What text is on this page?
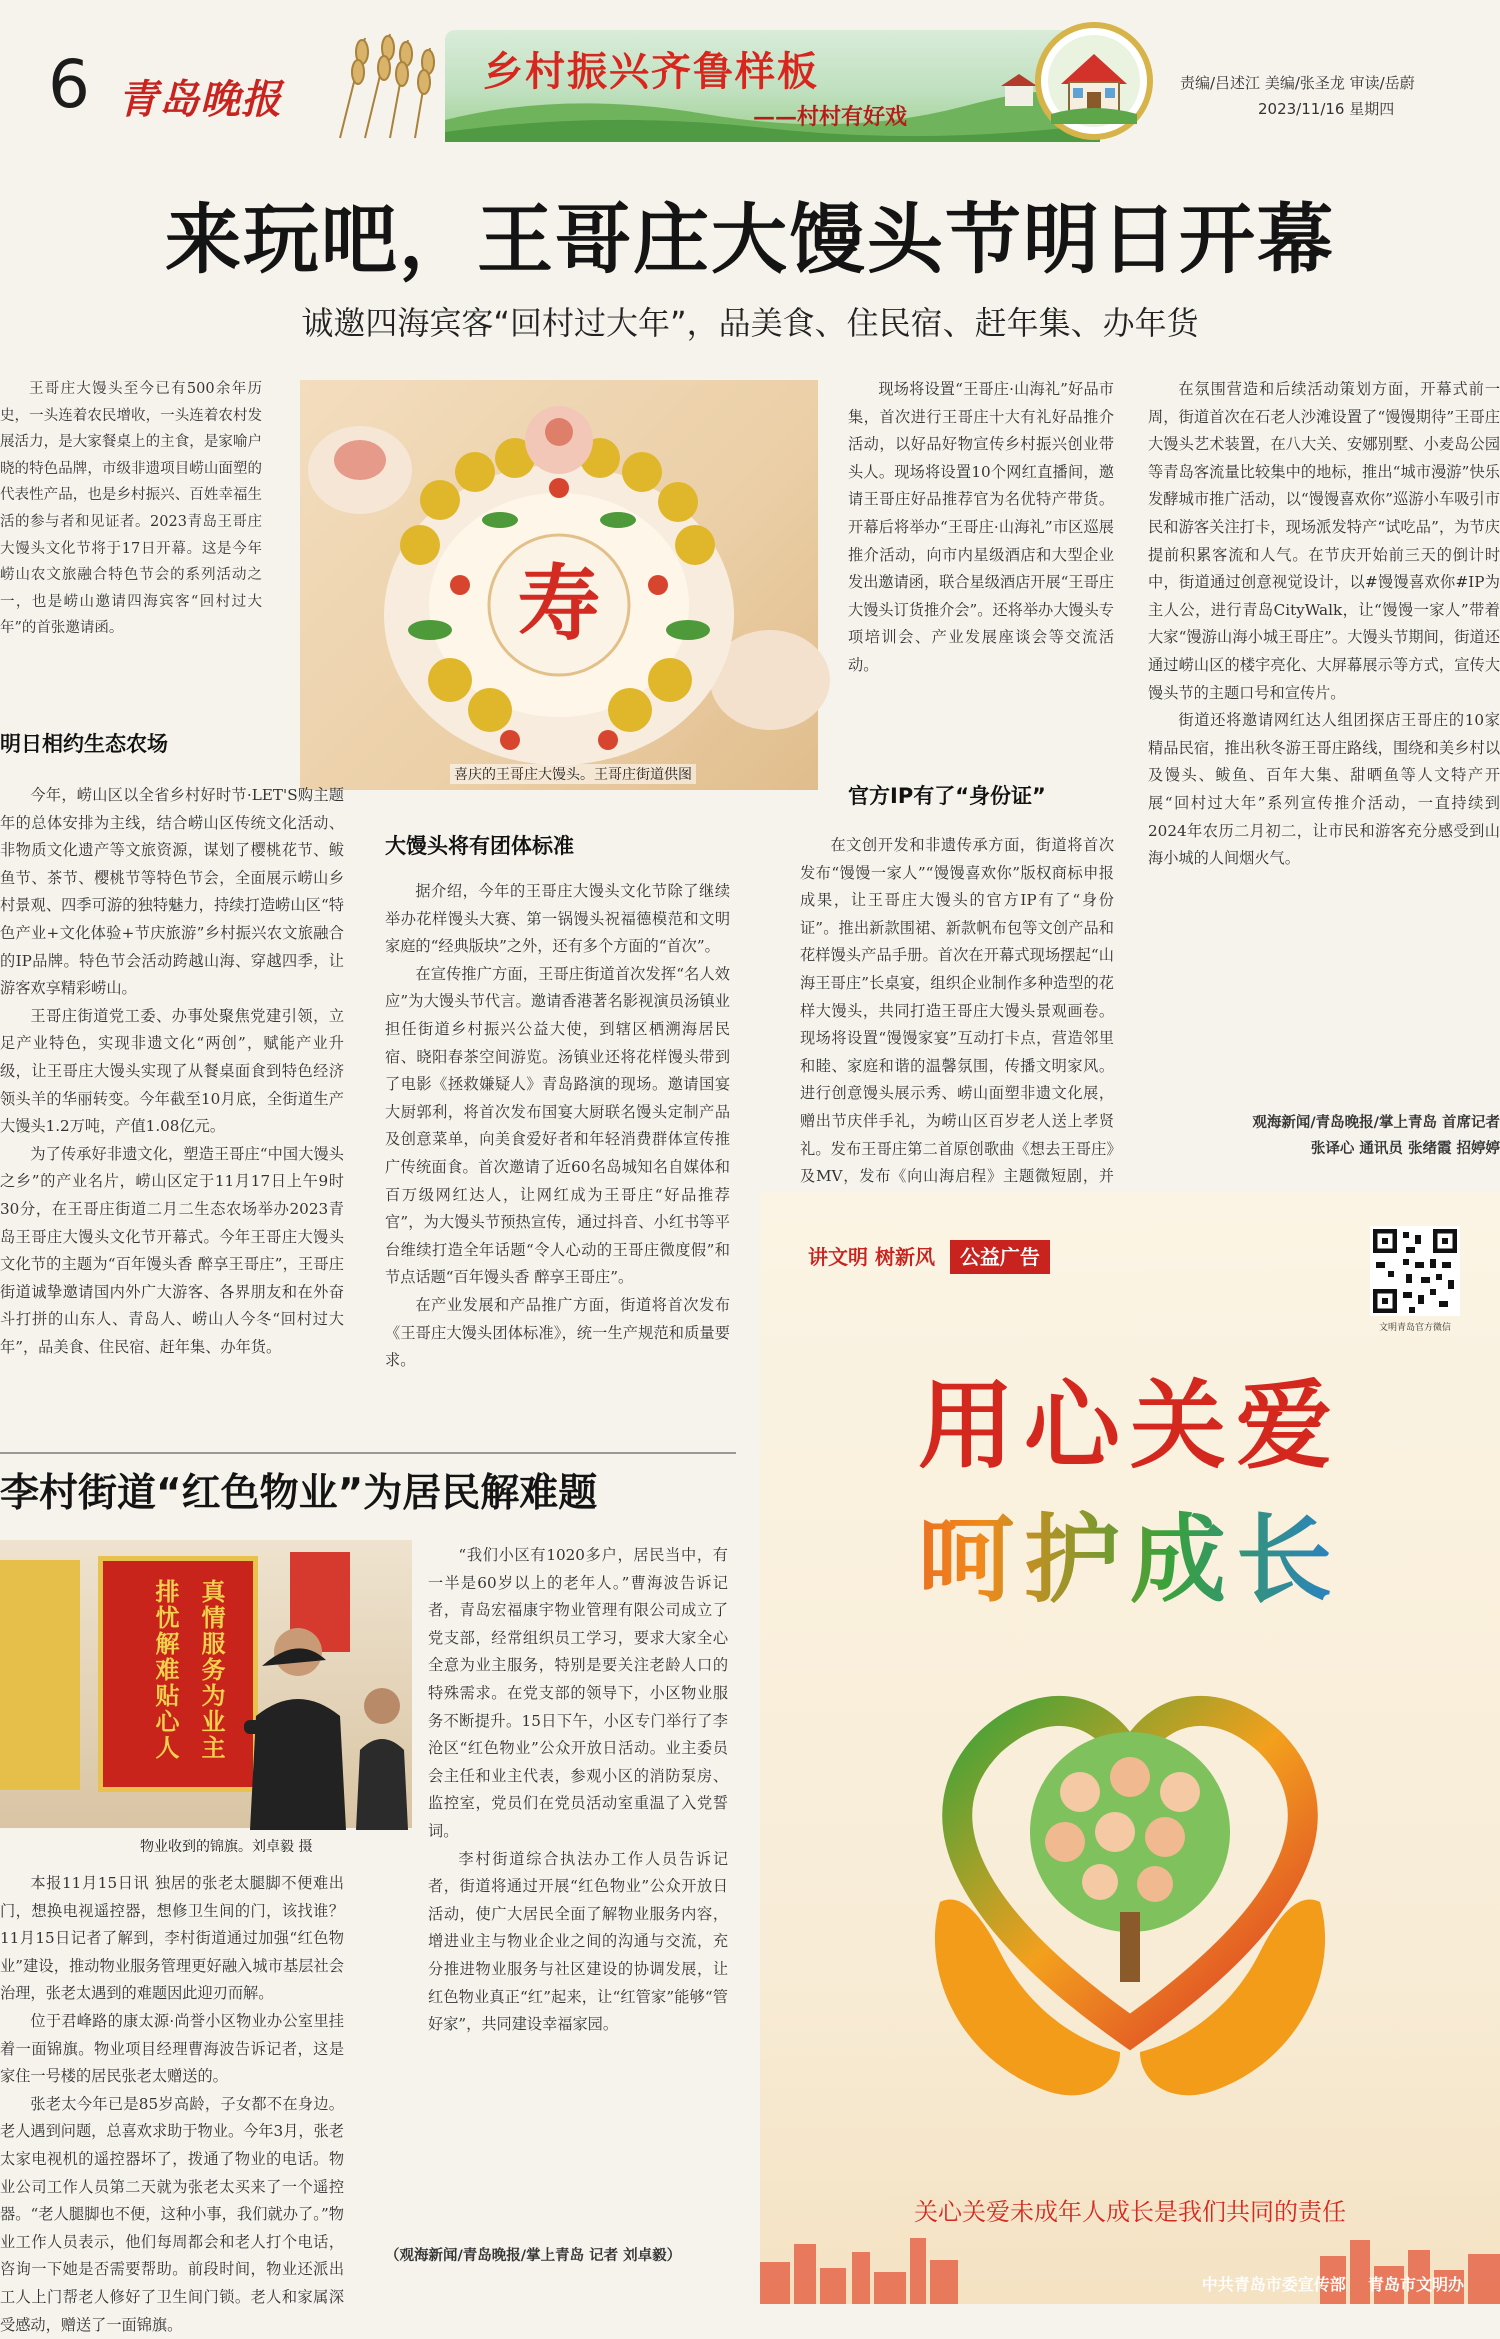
6 青岛晚报
乡村振兴齐鲁样板
——村村有好戏
责编/吕述江 美编/张圣龙 审读/岳蔚
2023/11/16 星期四
来玩吧，王哥庄大馒头节明日开幕
诚邀四海宾客“回村过大年”，品美食、住民宿、赶年集、办年货

王哥庄大馒头至今已有500余年历史，一头连着农民增收，一头连着农村发展活力，是大家餐桌上的主食，是家喻户晓的特色品牌，市级非遗项目崂山面塑的代表性产品，也是乡村振兴、百姓幸福生活的参与者和见证者。2023青岛王哥庄大馒头文化节将于17日开幕。这是今年崂山农文旅融合特色节会的系列活动之一，也是崂山邀请四海宾客“回村过大年”的首张邀请函。	寿
喜庆的王哥庄大馒头。王哥庄街道供图
明日相约生态农场

今年，崂山区以全省乡村好时节·LET'S购主题年的总体安排为主线，结合崂山区传统文化活动、非物质文化遗产等文旅资源，谋划了樱桃花节、鲅鱼节、茶节、樱桃节等特色节会，全面展示崂山乡村景观、四季可游的独特魅力，持续打造崂山区“特色产业+文化体验+节庆旅游”乡村振兴农文旅融合的IP品牌。特色节会活动跨越山海、穿越四季，让游客欢享精彩崂山。

王哥庄街道党工委、办事处聚焦党建引领，立足产业特色，实现非遗文化“两创”，赋能产业升级，让王哥庄大馒头实现了从餐桌面食到特色经济领头羊的华丽转变。今年截至10月底，全街道生产大馒头1.2万吨，产值1.08亿元。

为了传承好非遗文化，塑造王哥庄“中国大馒头之乡”的产业名片，崂山区定于11月17日上午9时30分，在王哥庄街道二月二生态农场举办2023青岛王哥庄大馒头文化节开幕式。今年王哥庄大馒头文化节的主题为“百年馒头香 醉享王哥庄”，王哥庄街道诚挚邀请国内外广大游客、各界朋友和在外奋斗打拼的山东人、青岛人、崂山人今冬“回村过大年”，品美食、住民宿、赶年集、办年货。

大馒头将有团体标准

据介绍，今年的王哥庄大馒头文化节除了继续举办花样馒头大赛、第一锅馒头祝福德模范和文明家庭的“经典版块”之外，还有多个方面的“首次”。

在宣传推广方面，王哥庄街道首次发挥“名人效应”为大馒头节代言。邀请香港著名影视演员汤镇业担任街道乡村振兴公益大使，到辖区栖溯海居民宿、晓阳春茶空间游览。汤镇业还将花样馒头带到了电影《拯救嫌疑人》青岛路演的现场。邀请国宴大厨郭利，将首次发布国宴大厨联名馒头定制产品及创意菜单，向美食爱好者和年轻消费群体宣传推广传统面食。首次邀请了近60名岛城知名自媒体和百万级网红达人，让网红成为王哥庄“好品推荐官”，为大馒头节预热宣传，通过抖音、小红书等平台维续打造全年话题“令人心动的王哥庄微度假”和节点话题“百年馒头香 醉享王哥庄”。

在产业发展和产品推广方面，街道将首次发布《王哥庄大馒头团体标准》，统一生产规范和质量要求。

现场将设置“王哥庄·山海礼”好品市集，首次进行王哥庄十大有礼好品推介活动，以好品好物宣传乡村振兴创业带头人。现场将设置10个网红直播间，邀请王哥庄好品推荐官为名优特产带货。开幕后将举办“王哥庄·山海礼”市区巡展推介活动，向市内星级酒店和大型企业发出邀请函，联合星级酒店开展“王哥庄大馒头订货推介会”。还将举办大馒头专项培训会、产业发展座谈会等交流活动。

官方IP有了“身份证”

在文创开发和非遗传承方面，街道将首次发布“馒馒一家人”“馒馒喜欢你”版权商标申报成果，让王哥庄大馒头的官方IP有了“身份证”。推出新款围裙、新款帆布包等文创产品和花样馒头产品手册。首次在开幕式现场摆起“山海王哥庄”长桌宴，组织企业制作多种造型的花样大馒头，共同打造王哥庄大馒头景观画卷。现场将设置“馒馒家宴”互动打卡点，营造邻里和睦、家庭和谐的温馨氛围，传播文明家风。进行创意馒头展示秀、崂山面塑非遗文化展，赠出节庆伴手礼，为崂山区百岁老人送上孝贤礼。发布王哥庄第二首原创歌曲《想去王哥庄》及MV，发布《向山海启程》主题微短剧，并

在氛围营造和后续活动策划方面，开幕式前一周，街道首次在石老人沙滩设置了“馒馒期待”王哥庄大馒头艺术装置，在八大关、安娜别墅、小麦岛公园等青岛客流量比较集中的地标，推出“城市漫游”快乐发酵城市推广活动，以“馒馒喜欢你”巡游小车吸引市民和游客关注打卡，现场派发特产“试吃品”，为节庆提前积累客流和人气。在节庆开始前三天的倒计时中，街道通过创意视觉设计，以#馒馒喜欢你#IP为主人公，进行青岛CityWalk，让“馒馒一家人”带着大家“馒游山海小城王哥庄”。大馒头节期间，街道还通过崂山区的楼宇亮化、大屏幕展示等方式，宣传大馒头节的主题口号和宣传片。

街道还将邀请网红达人组团探店王哥庄的10家精品民宿，推出秋冬游王哥庄路线，围绕和美乡村以及馒头、鲅鱼、百年大集、甜晒鱼等人文特产开展“回村过大年”系列宣传推介活动，一直持续到2024年农历二月初二，让市民和游客充分感受到山海小城的人间烟火气。

观海新闻/青岛晚报/掌上青岛 首席记者
张译心 通讯员 张绪霞 招婷婷
李村街道“红色物业”为居民解难题
真情服务为业主
排忧解难贴心人
物业收到的锦旗。刘卓毅 摄

本报11月15日讯 独居的张老太腿脚不便难出门，想换电视遥控器，想修卫生间的门，该找谁？11月15日记者了解到，李村街道通过加强“红色物业”建设，推动物业服务管理更好融入城市基层社会治理，张老太遇到的难题因此迎刃而解。

位于君峰路的康太源·尚誉小区物业办公室里挂着一面锦旗。物业项目经理曹海波告诉记者，这是家住一号楼的居民张老太赠送的。

张老太今年已是85岁高龄，子女都不在身边。老人遇到问题，总喜欢求助于物业。今年3月，张老太家电视机的遥控器坏了，拨通了物业的电话。物业公司工作人员第二天就为张老太买来了一个遥控器。“老人腿脚也不便，这种小事，我们就办了。”物业工作人员表示，他们每周都会和老人打个电话，咨询一下她是否需要帮助。前段时间，物业还派出工人上门帮老人修好了卫生间门锁。老人和家属深受感动，赠送了一面锦旗。

“我们小区有1020多户，居民当中，有一半是60岁以上的老年人。”曹海波告诉记者，青岛宏福康宇物业管理有限公司成立了党支部，经常组织员工学习，要求大家全心全意为业主服务，特别是要关注老龄人口的特殊需求。在党支部的领导下，小区物业服务不断提升。15日下午，小区专门举行了李沧区“红色物业”公众开放日活动。业主委员会主任和业主代表，参观小区的消防泵房、监控室，党员们在党员活动室重温了入党誓词。

李村街道综合执法办工作人员告诉记者，街道将通过开展“红色物业”公众开放日活动，使广大居民全面了解物业服务内容，增进业主与物业企业之间的沟通与交流，充分推进物业服务与社区建设的协调发展，让红色物业真正“红”起来，让“红管家”能够“管好家”，共同建设幸福家园。

（观海新闻/青岛晚报/掌上青岛 记者 刘卓毅）
讲文明 树新风 公益广告
文明青岛官方微信
用心关爱
呵护成长
关心关爱未成年人成长是我们共同的责任
中共青岛市委宣传部    青岛市文明办
